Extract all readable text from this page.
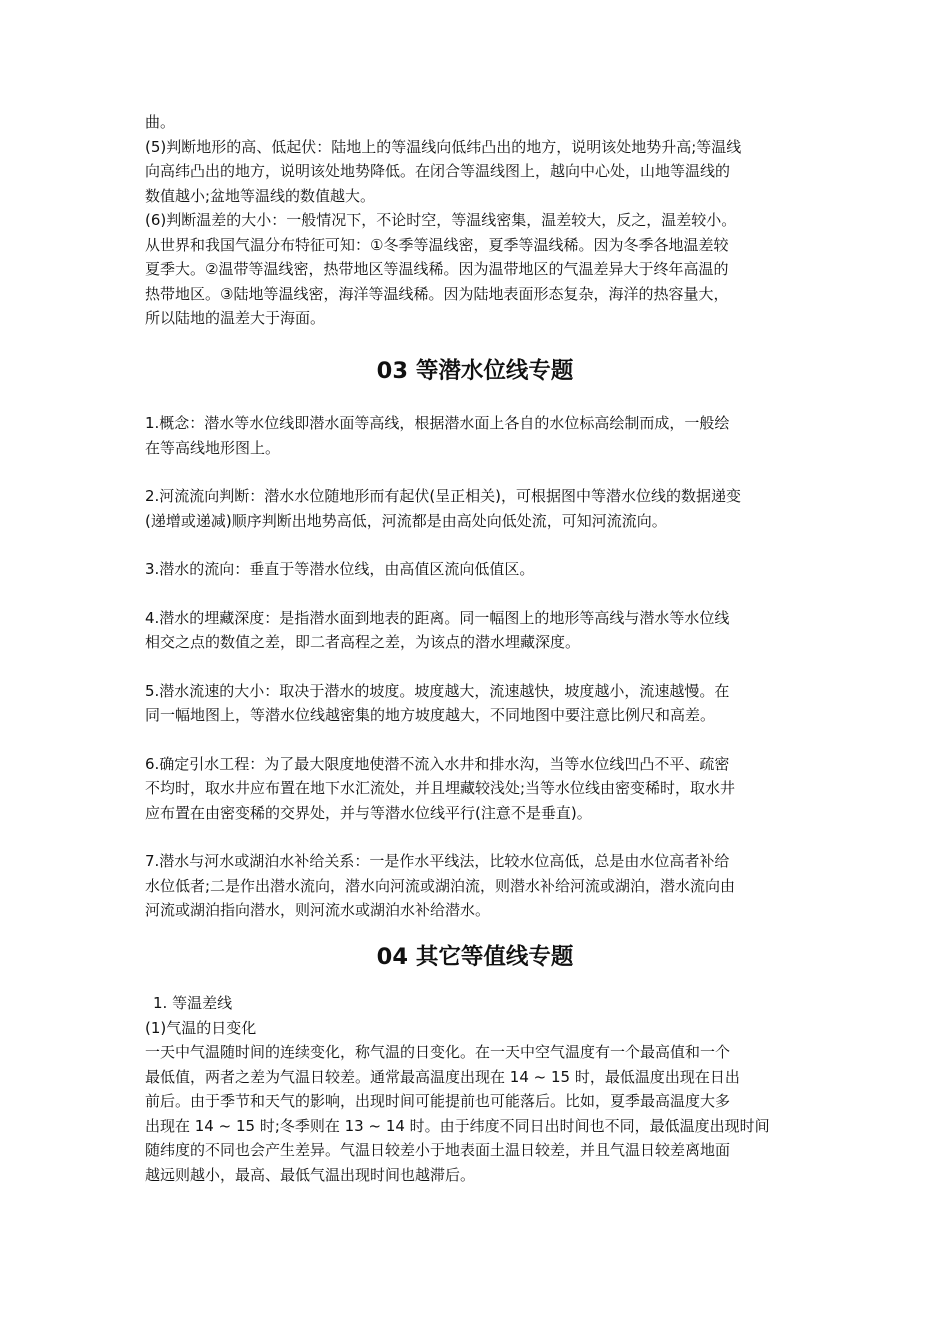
曲。

(5)判断地形的高、低起伏：陆地上的等温线向低纬凸出的地方，说明该处地势升高;等温线

向高纬凸出的地方，说明该处地势降低。在闭合等温线图上，越向中心处，山地等温线的

数值越小;盆地等温线的数值越大。

(6)判断温差的大小：一般情况下，不论时空，等温线密集，温差较大，反之，温差较小。

从世界和我国气温分布特征可知：①冬季等温线密，夏季等温线稀。因为冬季各地温差较

夏季大。②温带等温线密，热带地区等温线稀。因为温带地区的气温差异大于终年高温的

热带地区。③陆地等温线密，海洋等温线稀。因为陆地表面形态复杂，海洋的热容量大，

所以陆地的温差大于海面。

03 等潜水位线专题

1.概念：潜水等水位线即潜水面等高线，根据潜水面上各自的水位标高绘制而成，一般绘

在等高线地形图上。

2.河流流向判断：潜水水位随地形而有起伏(呈正相关)，可根据图中等潜水位线的数据递变

(递增或递减)顺序判断出地势高低，河流都是由高处向低处流，可知河流流向。

3.潜水的流向：垂直于等潜水位线，由高值区流向低值区。

4.潜水的埋藏深度：是指潜水面到地表的距离。同一幅图上的地形等高线与潜水等水位线

相交之点的数值之差，即二者高程之差，为该点的潜水埋藏深度。

5.潜水流速的大小：取决于潜水的坡度。坡度越大，流速越快，坡度越小，流速越慢。在

同一幅地图上，等潜水位线越密集的地方坡度越大，不同地图中要注意比例尺和高差。

6.确定引水工程：为了最大限度地使潜不流入水井和排水沟，当等水位线凹凸不平、疏密

不均时，取水井应布置在地下水汇流处，并且埋藏较浅处;当等水位线由密变稀时，取水井

应布置在由密变稀的交界处，并与等潜水位线平行(注意不是垂直)。

7.潜水与河水或湖泊水补给关系：一是作水平线法，比较水位高低，总是由水位高者补给

水位低者;二是作出潜水流向，潜水向河流或湖泊流，则潜水补给河流或湖泊，潜水流向由

河流或湖泊指向潜水，则河流水或湖泊水补给潜水。

04 其它等值线专题

1. 等温差线

(1)气温的日变化

一天中气温随时间的连续变化，称气温的日变化。在一天中空气温度有一个最高值和一个

最低值，两者之差为气温日较差。通常最高温度出现在 14 ~ 15 时，最低温度出现在日出

前后。由于季节和天气的影响，出现时间可能提前也可能落后。比如，夏季最高温度大多

出现在 14 ~ 15 时;冬季则在 13 ~ 14 时。由于纬度不同日出时间也不同，最低温度出现时间

随纬度的不同也会产生差异。气温日较差小于地表面土温日较差，并且气温日较差离地面

越远则越小，最高、最低气温出现时间也越滞后。
